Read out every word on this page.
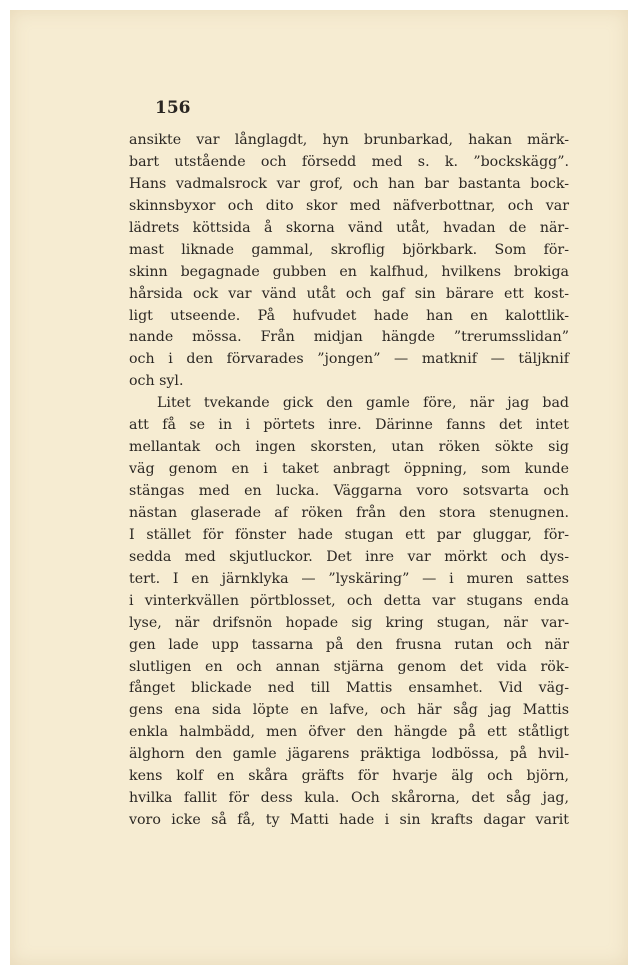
156
ansikte var långlagdt, hyn brunbarkad, hakan märk-
bart utstående och försedd med s. k. ”bockskägg”.
Hans vadmalsrock var grof, och han bar bastanta bock-
skinnsbyxor och dito skor med näfverbottnar, och var
lädrets köttsida å skorna vänd utåt, hvadan de när-
mast liknade gammal, skroflig björkbark. Som för-
skinn begagnade gubben en kalfhud, hvilkens brokiga
hårsida ock var vänd utåt och gaf sin bärare ett kost-
ligt utseende. På hufvudet hade han en kalottlik-
nande mössa. Från midjan hängde ”trerumsslidan”
och i den förvarades ”jongen” — matknif — täljknif
och syl.
Litet tvekande gick den gamle före, när jag bad
att få se in i pörtets inre. Därinne fanns det intet
mellantak och ingen skorsten, utan röken sökte sig
väg genom en i taket anbragt öppning, som kunde
stängas med en lucka. Väggarna voro sotsvarta och
nästan glaserade af röken från den stora stenugnen.
I stället för fönster hade stugan ett par gluggar, för-
sedda med skjutluckor. Det inre var mörkt och dys-
tert. I en järnklyka — ”lyskäring” — i muren sattes
i vinterkvällen pörtblosset, och detta var stugans enda
lyse, när drifsnön hopade sig kring stugan, när var-
gen lade upp tassarna på den frusna rutan och när
slutligen en och annan stjärna genom det vida rök-
fånget blickade ned till Mattis ensamhet. Vid väg-
gens ena sida löpte en lafve, och här såg jag Mattis
enkla halmbädd, men öfver den hängde på ett ståtligt
älghorn den gamle jägarens präktiga lodbössa, på hvil-
kens kolf en skåra gräfts för hvarje älg och björn,
hvilka fallit för dess kula. Och skårorna, det såg jag,
voro icke så få, ty Matti hade i sin krafts dagar varit
